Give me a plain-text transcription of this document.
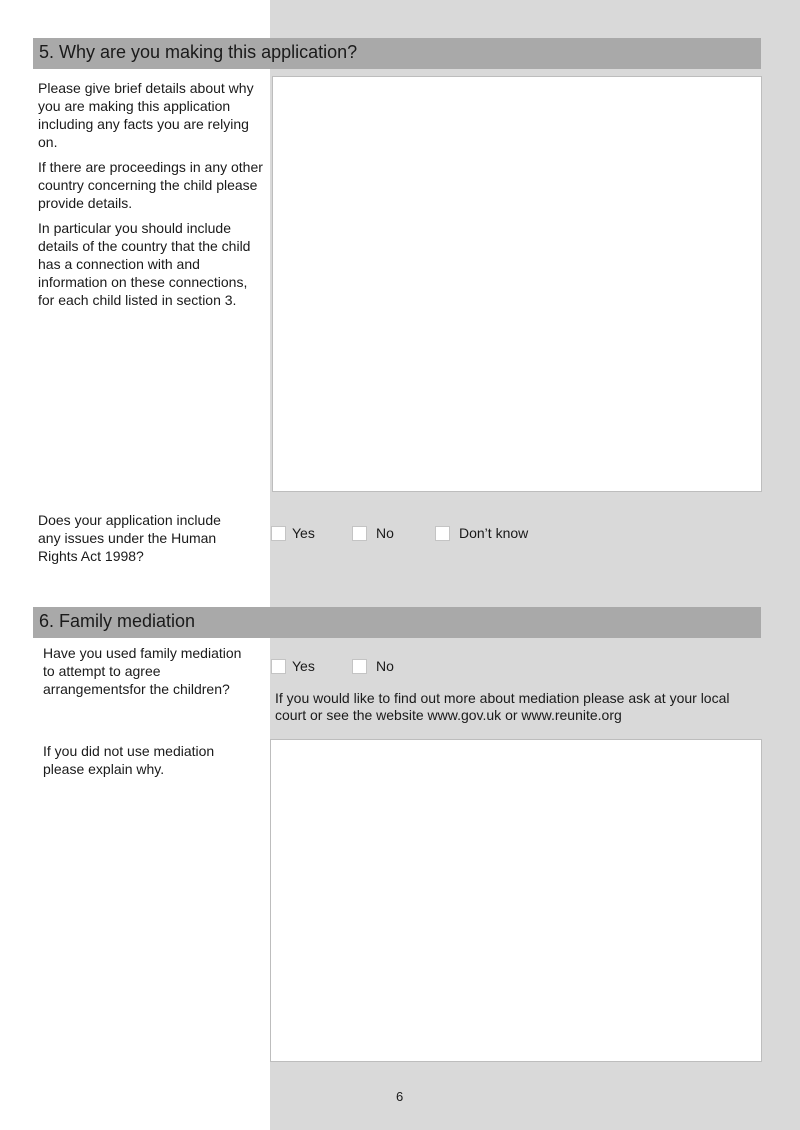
5. Why are you making this application?

Please give brief details about why you are making this application including any facts you are relying on.

If there are proceedings in any other country concerning the child please provide details.

In particular you should include details of the country that the child has a connection with and information on these connections, for each child listed in section 3.

Does your application include any issues under the Human Rights Act 1998?
Yes	No	Don’t know
6. Family mediation
Have you used family mediation to attempt to agree arrangementsfor the children?
Yes	No
If you would like to find out more about mediation please ask at your local court or see the website www.gov.uk or www.reunite.org
If you did not use mediation please explain why.
6
